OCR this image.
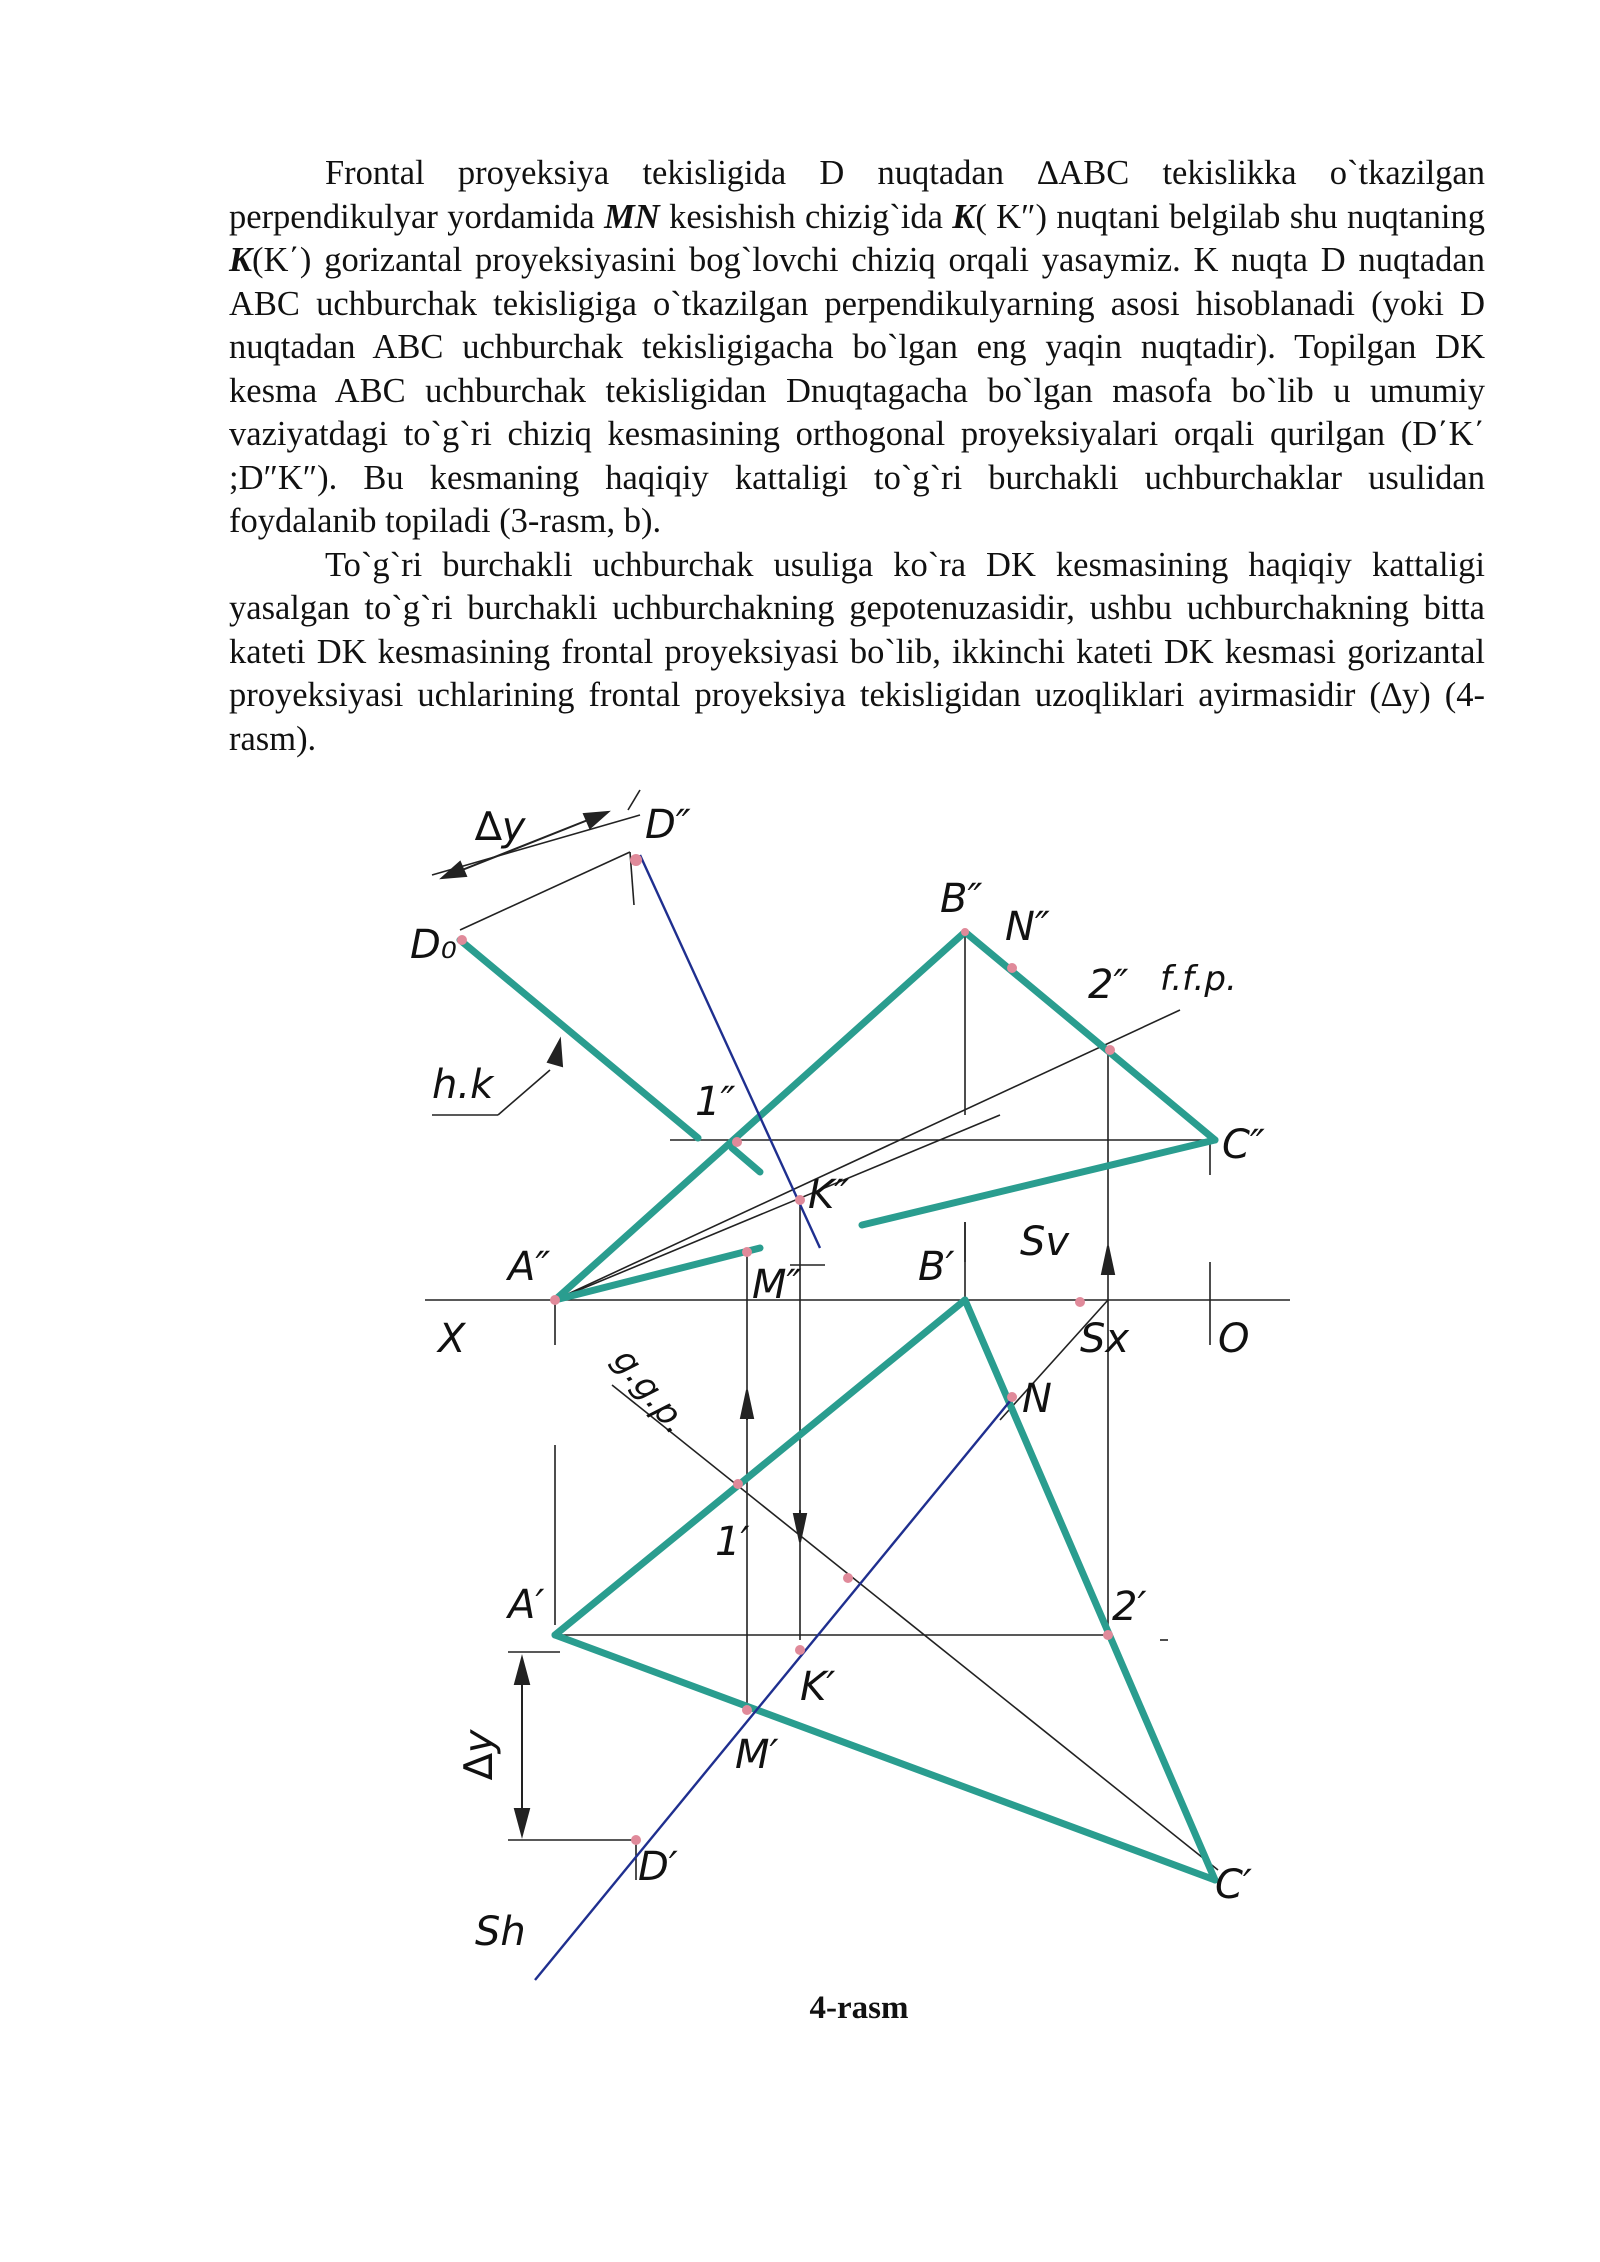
Frontal proyeksiya tekisligida D nuqtadan ∆ABC tekislikka o`tkazilgan perpendikulyar yordamida MN kesishish chizig`ida K( K″) nuqtani belgilab shu nuqtaning K(K΄) gorizantal proyeksiyasini bog`lovchi chiziq orqali yasaymiz. K nuqta D nuqtadan ABC uchburchak tekisligiga o`tkazilgan perpendikulyarning asosi hisoblanadi (yoki D nuqtadan ABC uchburchak tekisligigacha bo`lgan eng yaqin nuqtadir). Topilgan DK kesma ABC uchburchak tekisligidan Dnuqtagacha bo`lgan masofa bo`lib u umumiy vaziyatdagi to`g`ri chiziq kesmasining orthogonal proyeksiyalari orqali qurilgan (D΄K΄ ;D″K″). Bu kesmaning haqiqiy kattaligi to`g`ri burchakli uchburchaklar usulidan foydalanib topiladi (3-rasm, b).

To`g`ri burchakli uchburchak usuliga ko`ra DK kesmasining haqiqiy kattaligi yasalgan to`g`ri burchakli uchburchakning gepotenuzasidir, ushbu uchburchakning bitta kateti DK kesmasining frontal proyeksiyasi bo`lib, ikkinchi kateti DK kesmasi gorizantal proyeksiyasi uchlarining frontal proyeksiya tekisligidan uzoqliklari ayirmasidir (∆y) (4-rasm).

∆y	D″
D₀
B″
N″
2″ f.f.p.
h.k	1″
C″
K″
A″	M″	B′
Sv
X	Sx O
g.g.p.	N
1′
A′	2′
K′
∆y	M′
D′	C′
Sh
4-rasm
